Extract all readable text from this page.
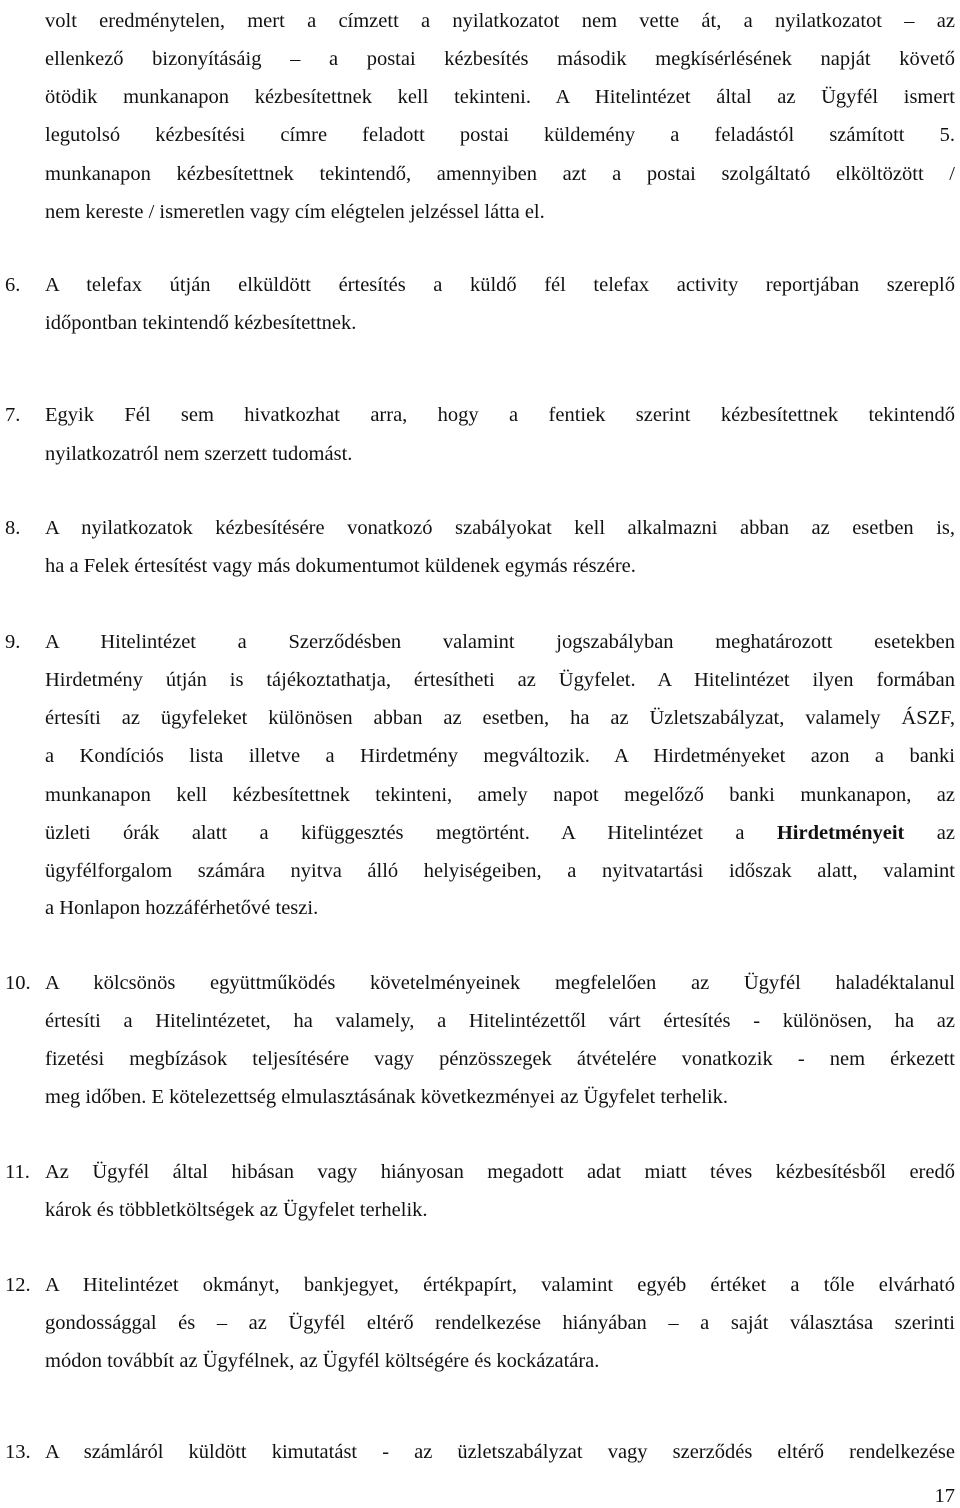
volt eredménytelen, mert a címzett a nyilatkozatot nem vette át, a nyilatkozatot – az
ellenkező bizonyításáig – a postai kézbesítés második megkísérlésének napját követő
ötödik munkanapon kézbesítettnek kell tekinteni. A Hitelintézet által az Ügyfél ismert
legutolsó kézbesítési címre feladott postai küldemény a feladástól számított 5.
munkanapon kézbesítettnek tekintendő, amennyiben azt a postai szolgáltató elköltözött /
nem kereste / ismeretlen vagy cím elégtelen jelzéssel látta el.
A telefax útján elküldött értesítés a küldő fél telefax activity reportjában szereplő
időpontban tekintendő kézbesítettnek.
6.
Egyik Fél sem hivatkozhat arra, hogy a fentiek szerint kézbesítettnek tekintendő
nyilatkozatról nem szerzett tudomást.
7.
A nyilatkozatok kézbesítésére vonatkozó szabályokat kell alkalmazni abban az esetben is,
ha a Felek értesítést vagy más dokumentumot küldenek egymás részére.
8.
A Hitelintézet a Szerződésben valamint jogszabályban meghatározott esetekben
Hirdetmény útján is tájékoztathatja, értesítheti az Ügyfelet. A Hitelintézet ilyen formában
értesíti az ügyfeleket különösen abban az esetben, ha az Üzletszabályzat, valamely ÁSZF,
a Kondíciós lista illetve a Hirdetmény megváltozik. A Hirdetményeket azon a banki
munkanapon kell kézbesítettnek tekinteni, amely napot megelőző banki munkanapon, az
üzleti órák alatt a kifüggesztés megtörtént. A Hitelintézet a Hirdetményeit az
ügyfélforgalom számára nyitva álló helyiségeiben, a nyitvatartási időszak alatt, valamint
a Honlapon hozzáférhetővé teszi.
9.
A kölcsönös együttműködés követelményeinek megfelelően az Ügyfél haladéktalanul
értesíti a Hitelintézetet, ha valamely, a Hitelintézettől várt értesítés - különösen, ha az
fizetési megbízások teljesítésére vagy pénzösszegek átvételére vonatkozik - nem érkezett
meg időben. E kötelezettség elmulasztásának következményei az Ügyfelet terhelik.
10.
Az Ügyfél által hibásan vagy hiányosan megadott adat miatt téves kézbesítésből eredő
károk és többletköltségek az Ügyfelet terhelik.
11.
A Hitelintézet okmányt, bankjegyet, értékpapírt, valamint egyéb értéket a tőle elvárható
gondossággal és – az Ügyfél eltérő rendelkezése hiányában – a saját választása szerinti
módon továbbít az Ügyfélnek, az Ügyfél költségére és kockázatára.
12.
A számláról küldött kimutatást - az üzletszabályzat vagy szerződés eltérő rendelkezése
13.
17
